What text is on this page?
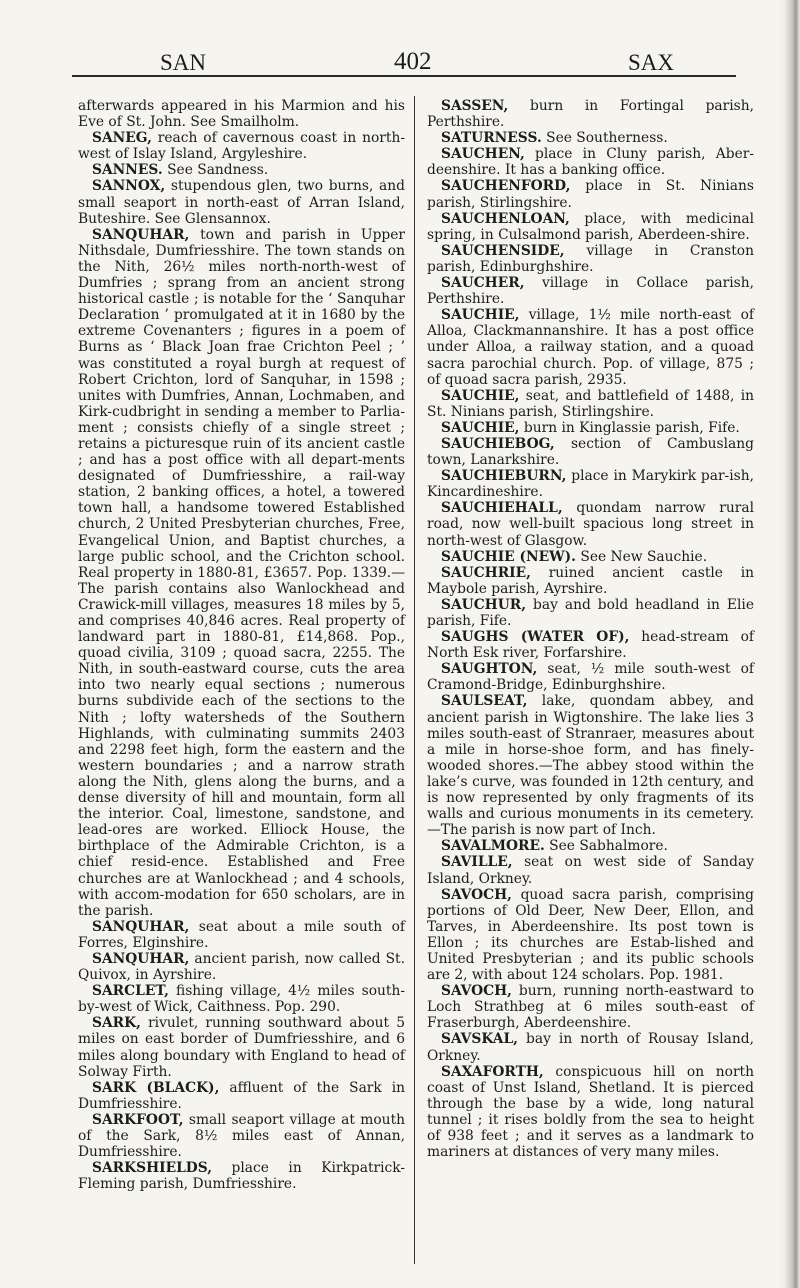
SAN	402	SAX

afterwards appeared in his Marmion and his Eve of St. John. See Smailholm.

SANEG, reach of cavernous coast in north-west of Islay Island, Argyleshire.

SANNES. See Sandness.

SANNOX, stupendous glen, two burns, and small seaport in north-east of Arran Island, Buteshire. See Glensannox.

SANQUHAR, town and parish in Upper Nithsdale, Dumfriesshire. The town stands on the Nith, 26½ miles north-north-west of Dumfries ; sprang from an ancient strong historical castle ; is notable for the ‘ Sanquhar Declaration ’ promulgated at it in 1680 by the extreme Covenanters ; figures in a poem of Burns as ‘ Black Joan frae Crichton Peel ; ’ was constituted a royal burgh at request of Robert Crichton, lord of Sanquhar, in 1598 ; unites with Dumfries, Annan, Lochmaben, and Kirk-cudbright in sending a member to Parlia-ment ; consists chiefly of a single street ; retains a picturesque ruin of its ancient castle ; and has a post office with all depart-ments designated of Dumfriesshire, a rail-way station, 2 banking offices, a hotel, a towered town hall, a handsome towered Established church, 2 United Presbyterian churches, Free, Evangelical Union, and Baptist churches, a large public school, and the Crichton school. Real property in 1880-81, £3657. Pop. 1339.—The parish contains also Wanlockhead and Crawick-mill villages, measures 18 miles by 5, and comprises 40,846 acres. Real property of landward part in 1880-81, £14,868. Pop., quoad civilia, 3109 ; quoad sacra, 2255. The Nith, in south-eastward course, cuts the area into two nearly equal sections ; numerous burns subdivide each of the sections to the Nith ; lofty watersheds of the Southern Highlands, with culminating summits 2403 and 2298 feet high, form the eastern and the western boundaries ; and a narrow strath along the Nith, glens along the burns, and a dense diversity of hill and mountain, form all the interior. Coal, limestone, sandstone, and lead-ores are worked. Elliock House, the birthplace of the Admirable Crichton, is a chief resid-ence. Established and Free churches are at Wanlockhead ; and 4 schools, with accom-modation for 650 scholars, are in the parish.

SANQUHAR, seat about a mile south of Forres, Elginshire.

SANQUHAR, ancient parish, now called St. Quivox, in Ayrshire.

SARCLET, fishing village, 4½ miles south-by-west of Wick, Caithness. Pop. 290.

SARK, rivulet, running southward about 5 miles on east border of Dumfriesshire, and 6 miles along boundary with England to head of Solway Firth.

SARK (BLACK), affluent of the Sark in Dumfriesshire.

SARKFOOT, small seaport village at mouth of the Sark, 8½ miles east of Annan, Dumfriesshire.

SARKSHIELDS, place in Kirkpatrick-Fleming parish, Dumfriesshire.

SASSEN, burn in Fortingal parish, Perthshire.

SATURNESS. See Southerness.

SAUCHEN, place in Cluny parish, Aber-deenshire. It has a banking office.

SAUCHENFORD, place in St. Ninians parish, Stirlingshire.

SAUCHENLOAN, place, with medicinal spring, in Culsalmond parish, Aberdeen-shire.

SAUCHENSIDE, village in Cranston parish, Edinburghshire.

SAUCHER, village in Collace parish, Perthshire.

SAUCHIE, village, 1½ mile north-east of Alloa, Clackmannanshire. It has a post office under Alloa, a railway station, and a quoad sacra parochial church. Pop. of village, 875 ; of quoad sacra parish, 2935.

SAUCHIE, seat, and battlefield of 1488, in St. Ninians parish, Stirlingshire.

SAUCHIE, burn in Kinglassie parish, Fife.

SAUCHIEBOG, section of Cambuslang town, Lanarkshire.

SAUCHIEBURN, place in Marykirk par-ish, Kincardineshire.

SAUCHIEHALL, quondam narrow rural road, now well-built spacious long street in north-west of Glasgow.

SAUCHIE (NEW). See New Sauchie.

SAUCHRIE, ruined ancient castle in Maybole parish, Ayrshire.

SAUCHUR, bay and bold headland in Elie parish, Fife.

SAUGHS (WATER OF), head-stream of North Esk river, Forfarshire.

SAUGHTON, seat, ½ mile south-west of Cramond-Bridge, Edinburghshire.

SAULSEAT, lake, quondam abbey, and ancient parish in Wigtonshire. The lake lies 3 miles south-east of Stranraer, measures about a mile in horse-shoe form, and has finely-wooded shores.—The abbey stood within the lake’s curve, was founded in 12th century, and is now represented by only fragments of its walls and curious monuments in its cemetery.—The parish is now part of Inch.

SAVALMORE. See Sabhalmore.

SAVILLE, seat on west side of Sanday Island, Orkney.

SAVOCH, quoad sacra parish, comprising portions of Old Deer, New Deer, Ellon, and Tarves, in Aberdeenshire. Its post town is Ellon ; its churches are Estab-lished and United Presbyterian ; and its public schools are 2, with about 124 scholars. Pop. 1981.

SAVOCH, burn, running north-eastward to Loch Strathbeg at 6 miles south-east of Fraserburgh, Aberdeenshire.

SAVSKAL, bay in north of Rousay Island, Orkney.

SAXAFORTH, conspicuous hill on north coast of Unst Island, Shetland. It is pierced through the base by a wide, long natural tunnel ; it rises boldly from the sea to height of 938 feet ; and it serves as a landmark to mariners at distances of very many miles.
